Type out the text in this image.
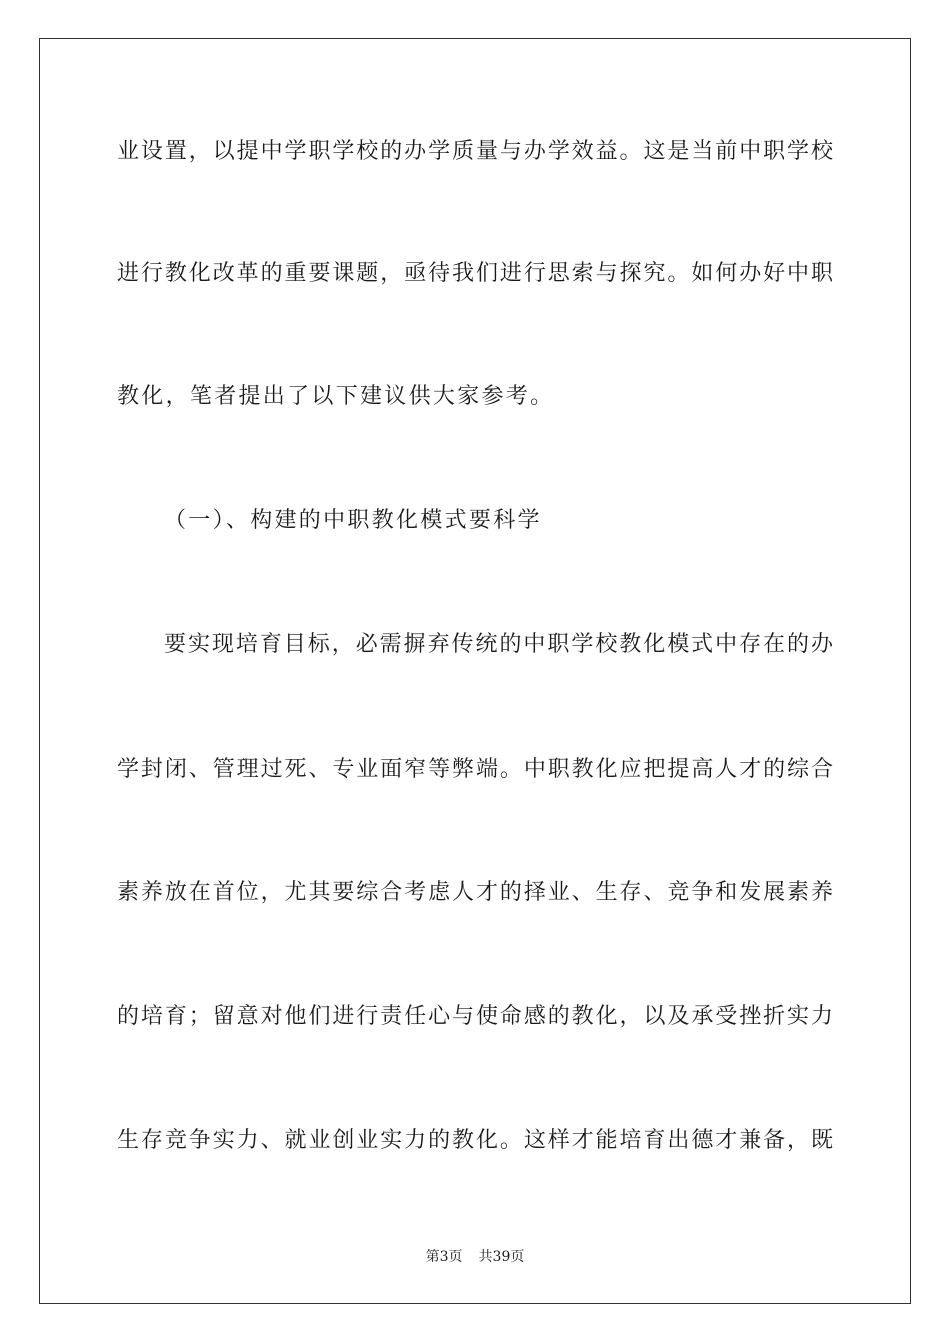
业设置，以提中学职学校的办学质量与办学效益。这是当前中职学校
进行教化改革的重要课题，亟待我们进行思索与探究。如何办好中职
教化，笔者提出了以下建议供大家参考。
（一）、构建的中职教化模式要科学
要实现培育目标，必需摒弃传统的中职学校教化模式中存在的办
学封闭、管理过死、专业面窄等弊端。中职教化应把提高人才的综合
素养放在首位，尤其要综合考虑人才的择业、生存、竞争和发展素养
的培育；留意对他们进行责任心与使命感的教化，以及承受挫折实力
生存竞争实力、就业创业实力的教化。这样才能培育出德才兼备，既
第3页 共39页
